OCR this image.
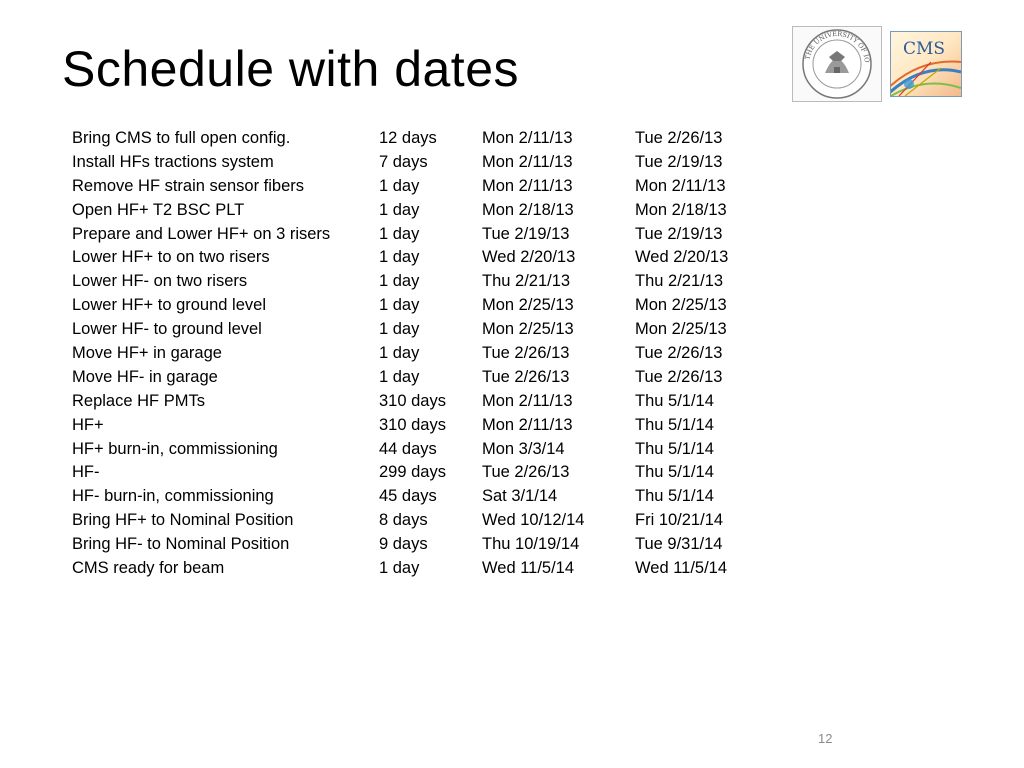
Schedule with dates	THE UNIVERSITY OF IO
CMS
Bring CMS to full open config.	12 days	Mon 2/11/13	Tue 2/26/13
Install HFs tractions system	7 days	Mon 2/11/13	Tue 2/19/13
Remove HF strain sensor fibers	1 day	Mon 2/11/13	Mon 2/11/13
Open HF+ T2 BSC PLT	1 day	Mon 2/18/13	Mon 2/18/13
Prepare and Lower HF+ on 3 risers	1 day	Tue 2/19/13	Tue 2/19/13
Lower HF+ to on two risers	1 day	Wed 2/20/13	Wed 2/20/13
Lower HF- on two risers	1 day	Thu 2/21/13	Thu 2/21/13
Lower HF+ to ground level	1 day	Mon 2/25/13	Mon 2/25/13
Lower HF- to ground level	1 day	Mon 2/25/13	Mon 2/25/13
Move HF+ in garage	1 day	Tue 2/26/13	Tue 2/26/13
Move HF- in garage	1 day	Tue 2/26/13	Tue 2/26/13
Replace HF PMTs	310 days Mon 2/11/13	Thu 5/1/14
HF+	310 days Mon 2/11/13	Thu 5/1/14
HF+ burn-in, commissioning	44 days	Mon 3/3/14	Thu 5/1/14
HF-	299 days Tue 2/26/13	Thu 5/1/14
HF- burn-in, commissioning	45 days	Sat 3/1/14	Thu 5/1/14
Bring HF+ to Nominal Position	8 days	Wed 10/12/14	Fri 10/21/14
Bring HF- to Nominal Position	9 days	Thu 10/19/14	Tue 9/31/14
CMS ready for beam	1 day	Wed 11/5/14	Wed 11/5/14
12
